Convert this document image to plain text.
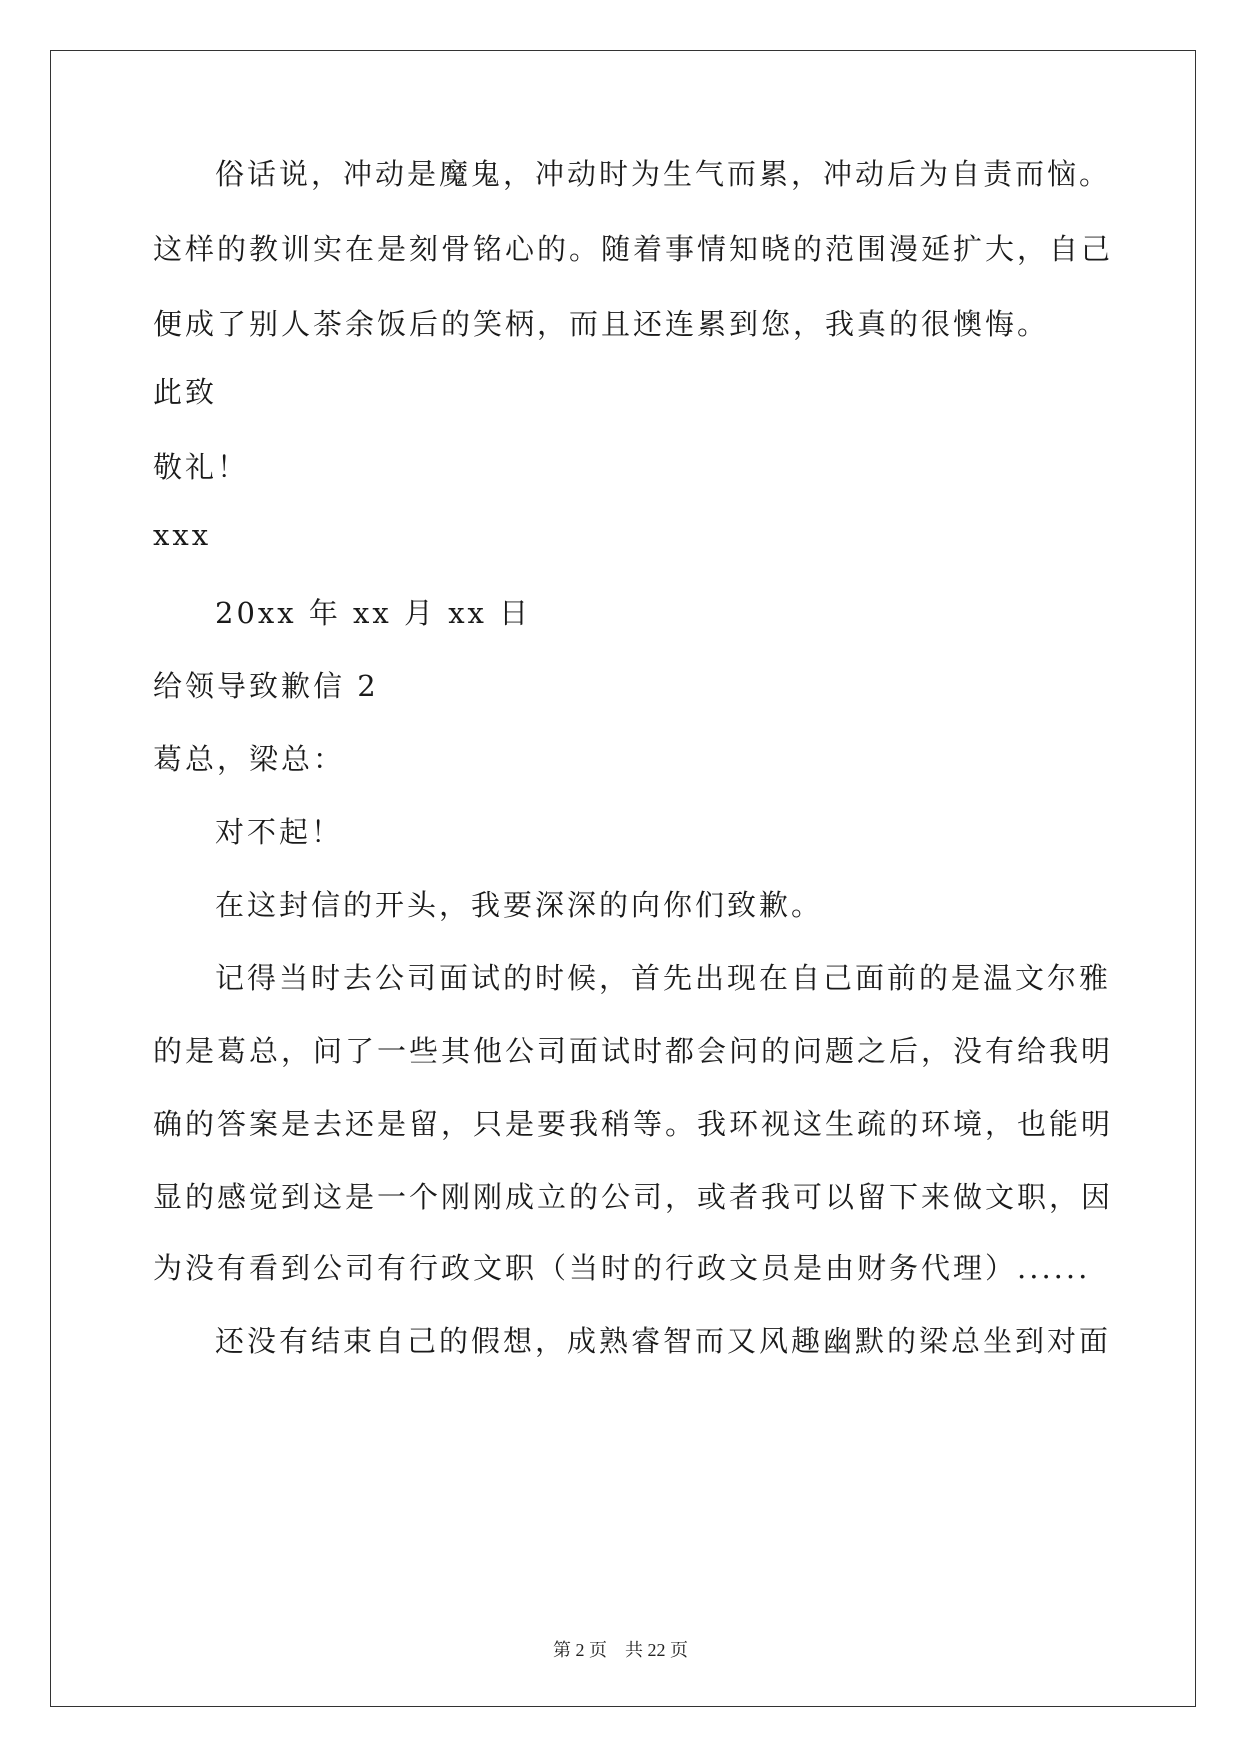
俗话说，冲动是魔鬼，冲动时为生气而累，冲动后为自责而恼。
这样的教训实在是刻骨铭心的。随着事情知晓的范围漫延扩大，自己
便成了别人茶余饭后的笑柄，而且还连累到您，我真的很懊悔。
此致
敬礼！
xxx
20xx 年 xx 月 xx 日
给领导致歉信 2
葛总，梁总：
对不起！
在这封信的开头，我要深深的向你们致歉。
记得当时去公司面试的时候，首先出现在自己面前的是温文尔雅
的是葛总，问了一些其他公司面试时都会问的问题之后，没有给我明
确的答案是去还是留，只是要我稍等。我环视这生疏的环境，也能明
显的感觉到这是一个刚刚成立的公司，或者我可以留下来做文职，因
为没有看到公司有行政文职（当时的行政文员是由财务代理）......
还没有结束自己的假想，成熟睿智而又风趣幽默的梁总坐到对面
第 2 页　共 22 页
